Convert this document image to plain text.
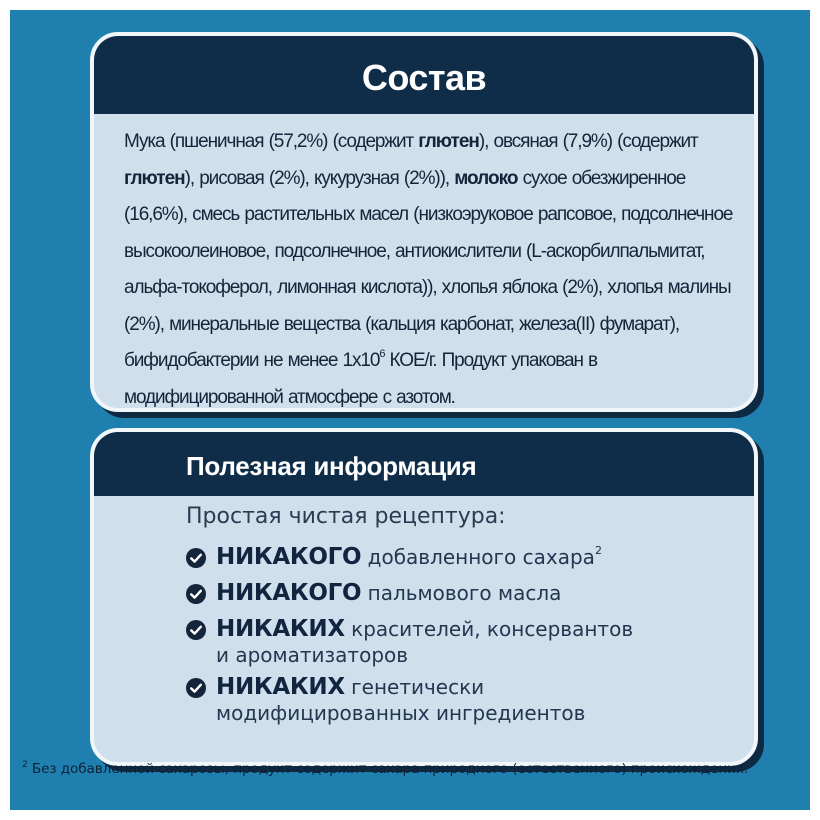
Состав
Мука (пшеничная (57,2%) (содержит глютен), овсяная (7,9%) (содержит глютен), рисовая (2%), кукурузная (2%)), молоко сухое обезжиренное (16,6%), смесь растительных масел (низкоэруковое рапсовое, подсолнечное высокоолеиновое, подсолнечное, антиокислители (L-аскорбилпальмитат, альфа-токоферол, лимонная кислота)), хлопья яблока (2%), хлопья малины (2%), минеральные вещества (кальция карбонат, железа(II) фумарат), бифидобактерии не менее $1х10^6$ КОЕ/г. Продукт упакован в модифицированной атмосфере с азотом.
Полезная информация
Простая чистая рецептура:
НИКАКОГО добавленного сахара$^2$
НИКАКОГО пальмового масла
НИКАКИХ красителей, консервантов
и ароматизаторов
НИКАКИХ генетически
модифицированных ингредиентов
$^2$ Без добавленной сахарозы; продукт содержит сахара природного (естественного) происхождения.
